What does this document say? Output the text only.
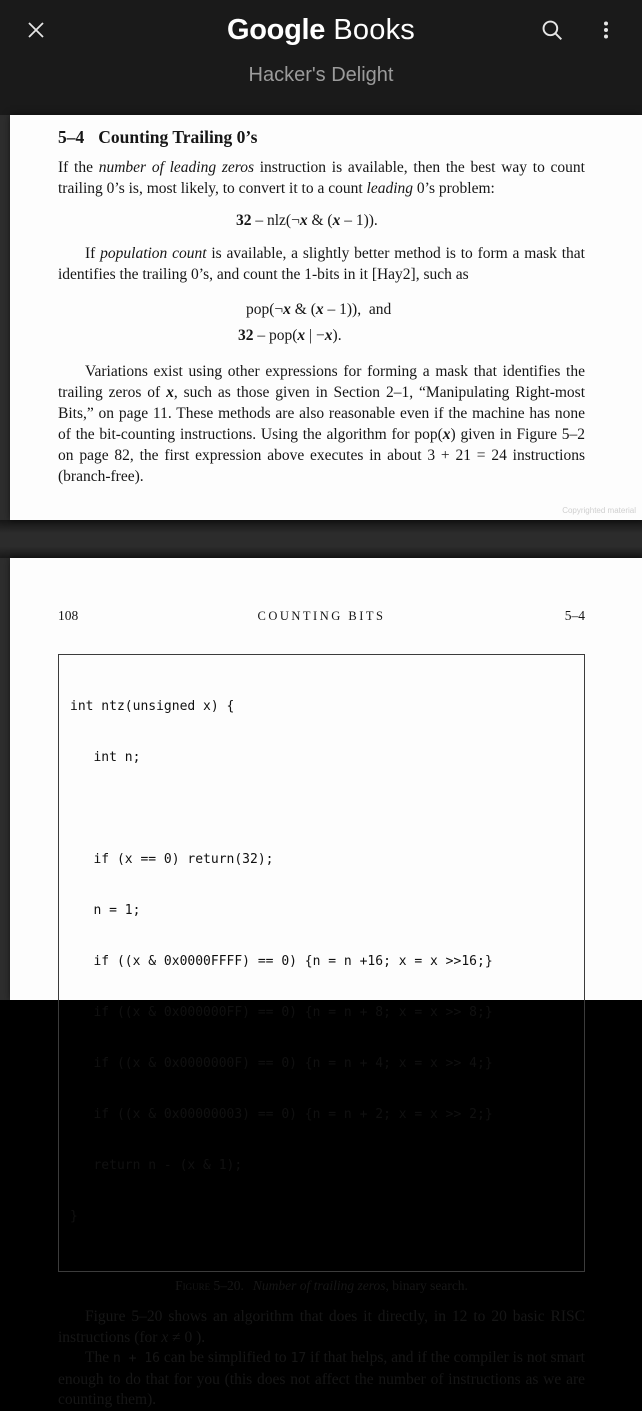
Google Books
Hacker's Delight
5–4 Counting Trailing 0’s

If the number of leading zeros instruction is available, then the best way to count trailing 0’s is, most likely, to convert it to a count leading 0’s problem:

32 – nlz(¬x & (x – 1)).

If population count is available, a slightly better method is to form a mask that identifies the trailing 0’s, and count the 1-bits in it [Hay2], such as

pop(¬x & (x – 1)),  and
32 – pop(x | −x).

Variations exist using other expressions for forming a mask that identifies the trailing zeros of x, such as those given in Section 2–1, “Manipulating Right-most Bits,” on page 11. These methods are also reasonable even if the machine has none of the bit-counting instructions. Using the algorithm for pop(x) given in Figure 5–2 on page 82, the first expression above executes in about 3 + 21 = 24 instructions (branch-free).

Copyrighted material
108	COUNTING BITS	5–4

int ntz(unsigned x) {

int n;

if (x == 0) return(32);

n = 1;

if ((x & 0x0000FFFF) == 0) {n = n +16; x = x >>16;}

if ((x & 0x000000FF) == 0) {n = n + 8; x = x >> 8;}

if ((x & 0x0000000F) == 0) {n = n + 4; x = x >> 4;}

if ((x & 0x00000003) == 0) {n = n + 2; x = x >> 2;}

return n - (x & 1);

}

Figure 5–20. Number of trailing zeros, binary search.

Figure 5–20 shows an algorithm that does it directly, in 12 to 20 basic RISC instructions (for x ≠ 0 ).

The n + 16 can be simplified to 17 if that helps, and if the compiler is not smart enough to do that for you (this does not affect the number of instructions as we are counting them).
